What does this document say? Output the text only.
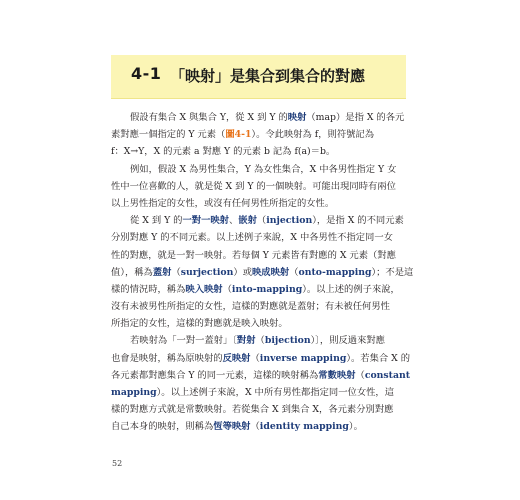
4-1 「映射」是集合到集合的對應
假設有集合 X 與集合 Y，從 X 到 Y 的映射（map）是指 X 的各元
素對應一個指定的 Y 元素（圖4-1）。令此映射為 f，則符號記為
f：X→Y，X 的元素 a 對應 Y 的元素 b 記為 f(a)＝b。
例如，假設 X 為男性集合，Y 為女性集合，X 中各男性指定 Y 女
性中一位喜歡的人，就是從 X 到 Y 的一個映射。可能出現同時有兩位
以上男性指定的女性，或沒有任何男性所指定的女性。
從 X 到 Y 的一對一映射、嵌射（injection），是指 X 的不同元素
分別對應 Y 的不同元素。以上述例子來說，X 中各男性不指定同一女
性的對應，就是一對一映射。若每個 Y 元素皆有對應的 X 元素（對應
值），稱為蓋射（surjection）或映成映射（onto-mapping）；不是這
樣的情況時，稱為映入映射（into-mapping）。以上述的例子來說，
沒有未被男性所指定的女性，這樣的對應就是蓋射；有未被任何男性
所指定的女性，這樣的對應就是映入映射。
若映射為「一對一蓋射」〔對射（bijection）〕，則反過來對應
也會是映射，稱為原映射的反映射（inverse mapping）。若集合 X 的
各元素都對應集合 Y 的同一元素，這樣的映射稱為常數映射（constant
mapping）。以上述例子來說，X 中所有男性都指定同一位女性，這
樣的對應方式就是常數映射。若從集合 X 到集合 X，各元素分別對應
自己本身的映射，則稱為恆等映射（identity mapping）。
52
